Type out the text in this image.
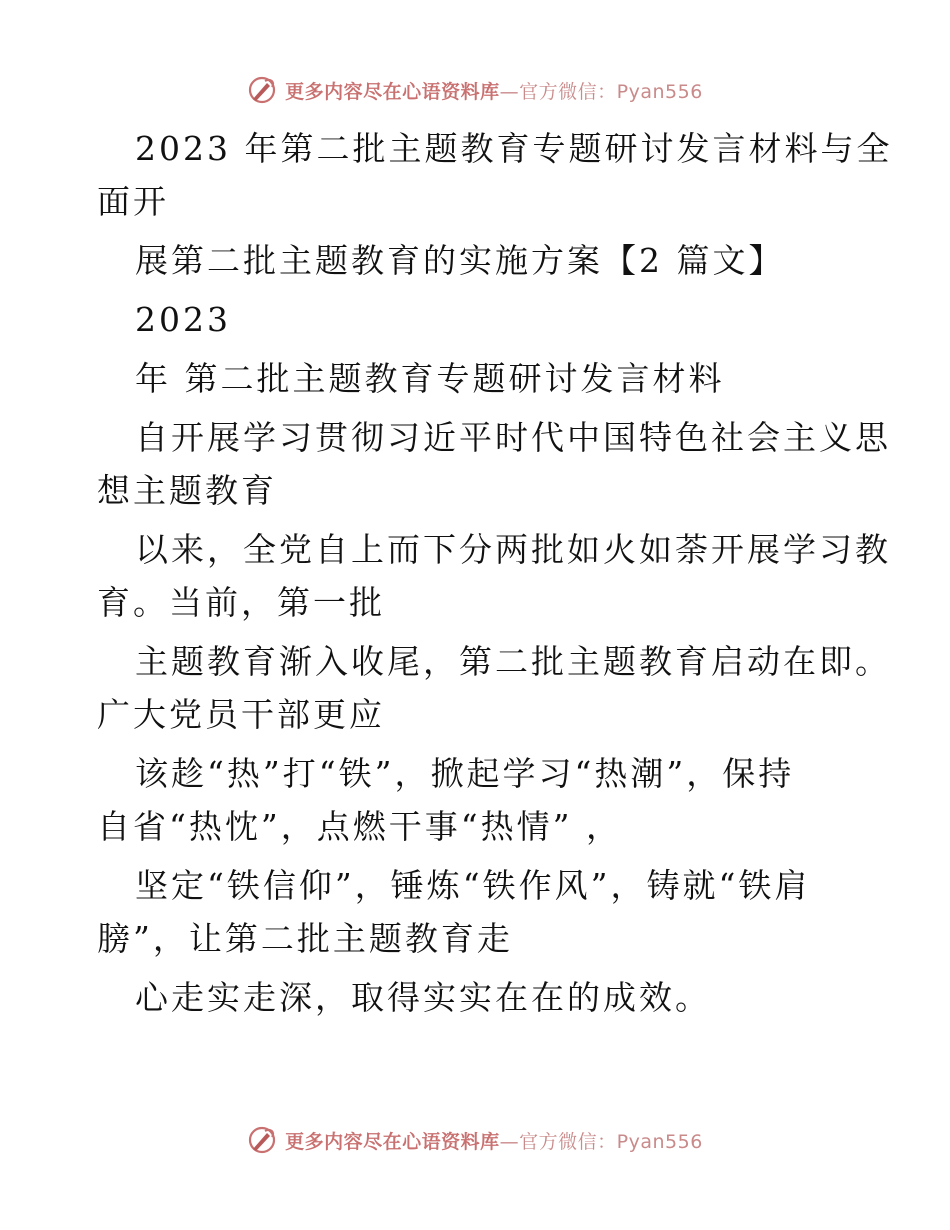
更多内容尽在心语资料库—官方微信：Pyan556
2023 年第二批主题教育专题研讨发言材料与全
面开
展第二批主题教育的实施方案【2 篇文】
2023
年 第二批主题教育专题研讨发言材料
自开展学习贯彻习近平时代中国特色社会主义思
想主题教育
以来，全党自上而下分两批如火如荼开展学习教
育。当前，第一批
主题教育渐入收尾，第二批主题教育启动在即。
广大党员干部更应
该趁“热”打“铁”，掀起学习“热潮”，保持
自省“热忱”，点燃干事“热情” ，
坚定“铁信仰”，锤炼“铁作风”，铸就“铁肩
膀”，让第二批主题教育走
心走实走深，取得实实在在的成效。
更多内容尽在心语资料库—官方微信：Pyan556
